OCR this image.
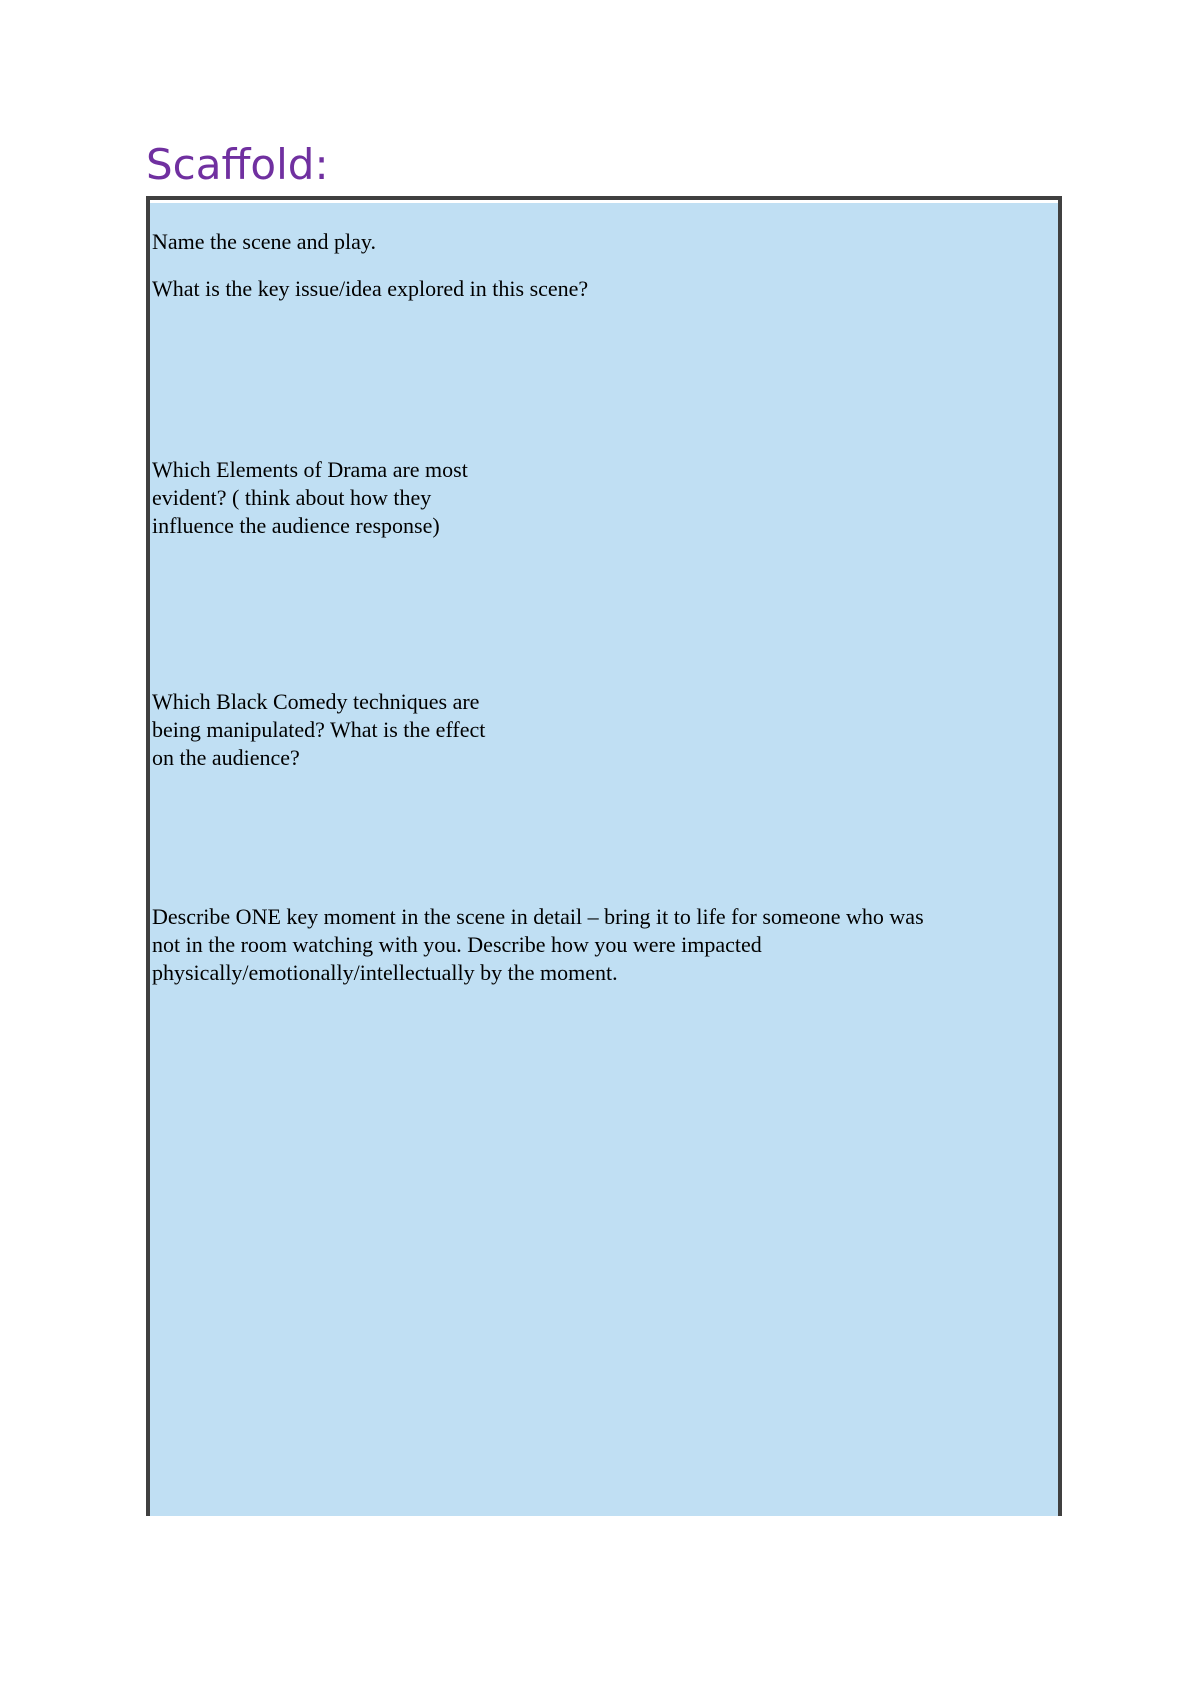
Scaffold:

Name the scene and play.

What is the key issue/idea explored in this scene?

Which Elements of Drama are most
evident? ( think about how they
influence the audience response)

Which Black Comedy techniques are
being manipulated? What is the effect
on the audience?

Describe ONE key moment in the scene in detail – bring it to life for someone who was
not in the room watching with you. Describe how you were impacted
physically/emotionally/intellectually by the moment.
